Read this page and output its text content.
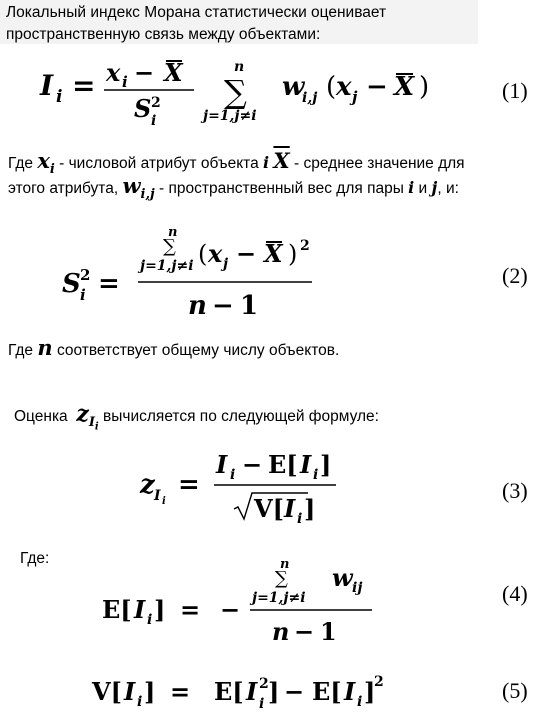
Локальный индекс Морана статистически оценивает
пространственную связь между объектами:
I i = x i − X
S 2
i
n
∑
j=1,j≠i
w
i,j ( x j − X )	(1)
Где $x_i$ - числовой атрибут объекта i $\overline{X}$ - среднее значение для
этого атрибута, $w_{i,j}$ - пространственный вес для пары i и j, и:
S 2
i =
n
∑
j=1,j≠i ( x j − X ) 2
n − 1
(2)
Где n соответствует общему числу объектов.
Оценка $z_{I_i}$ вычисляется по следующей формуле:
z I i
=
I i − E[ I i ]
V[ I i ]
(3)
Где:
E[ I i ] = −
n
∑
j=1,j≠i
w ij
n − 1
(4)
V[ I i ] = E[ I 2
i ] − E[ I i ]
2	(5)
